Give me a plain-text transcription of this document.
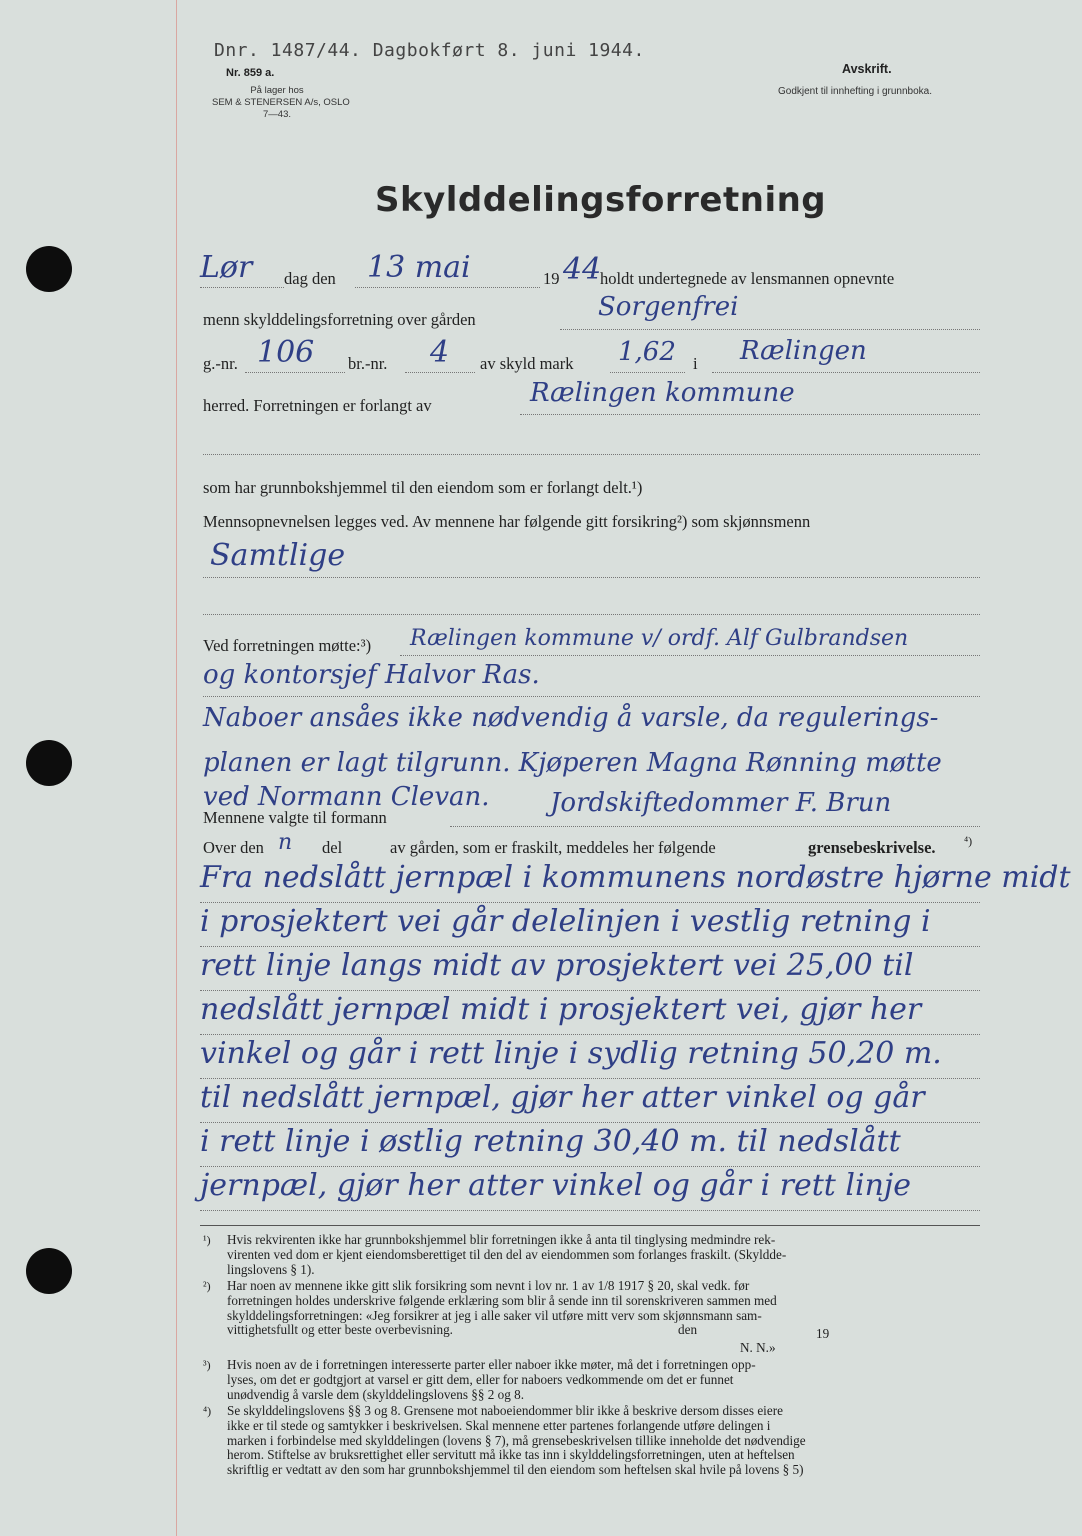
Dnr. 1487/44. Dagbokført 8. juni 1944.
Nr. 859 a.
På lager hos
SEM & STENERSEN A/s, OSLO
7—43.
Avskrift.
Godkjent til innhefting i grunnboka.
Skylddelingsforretning
Lør dag den 13 mai	19 44
holdt undertegnede av lensmannen opnevnte
menn skylddelingsforretning over gården	Sorgenfrei
g.-nr. 106 br.-nr. 4 av skyld mark 1,62 i Rælingen
herred. Forretningen er forlangt av	Rælingen kommune
som har grunnbokshjemmel til den eiendom som er forlangt delt.¹)
Mennsopnevnelsen legges ved. Av mennene har følgende gitt forsikring²) som skjønnsmenn
Samtlige
Ved forretningen møtte:³) Rælingen kommune v/ ordf. Alf Gulbrandsen
og kontorsjef Halvor Ras.
Naboer ansåes ikke nødvendig å varsle, da regulerings-
planen er lagt tilgrunn. Kjøperen Magna Rønning møtte
ved Normann Clevan.
Mennene valgte til formann	Jordskiftedommer F. Brun
Over den n del	av gården, som er fraskilt, meddeles her følgende	grensebeskrivelse. ⁴)
Fra nedslått jernpæl i kommunens nordøstre hjørne midt
i prosjektert vei går delelinjen i vestlig retning i
rett linje langs midt av prosjektert vei 25,00 til
nedslått jernpæl midt i prosjektert vei, gjør her
vinkel og går i rett linje i sydlig retning 50,20 m.
til nedslått jernpæl, gjør her atter vinkel og går
i rett linje i østlig retning 30,40 m. til nedslått
jernpæl, gjør her atter vinkel og går i rett linje
¹) Hvis rekvirenten ikke har grunnbokshjemmel blir forretningen ikke å anta til tinglysing medmindre rek-
virenten ved dom er kjent eiendomsberettiget til den del av eiendommen som forlanges fraskilt. (Skyldde-
lingslovens § 1).
²) Har noen av mennene ikke gitt slik forsikring som nevnt i lov nr. 1 av 1/8 1917 § 20, skal vedk. før
forretningen holdes underskrive følgende erklæring som blir å sende inn til sorenskriveren sammen med
skylddelingsforretningen: «Jeg forsikrer at jeg i alle saker vil utføre mitt verv som skjønnsmann sam-
vittighetsfullt og etter beste overbevisning.	den	19
N. N.»
³) Hvis noen av de i forretningen interesserte parter eller naboer ikke møter, må det i forretningen opp-
lyses, om det er godtgjort at varsel er gitt dem, eller for naboers vedkommende om det er funnet
unødvendig å varsle dem (skylddelingslovens §§ 2 og 8.
⁴) Se skylddelingslovens §§ 3 og 8. Grensene mot naboeiendommer blir ikke å beskrive dersom disses eiere
ikke er til stede og samtykker i beskrivelsen. Skal mennene etter partenes forlangende utføre delingen i
marken i forbindelse med skylddelingen (lovens § 7), må grensebeskrivelsen tillike inneholde det nødvendige
herom. Stiftelse av bruksrettighet eller servitutt må ikke tas inn i skylddelingsforretningen, uten at heftelsen
skriftlig er vedtatt av den som har grunnbokshjemmel til den eiendom som heftelsen skal hvile på lovens § 5)
